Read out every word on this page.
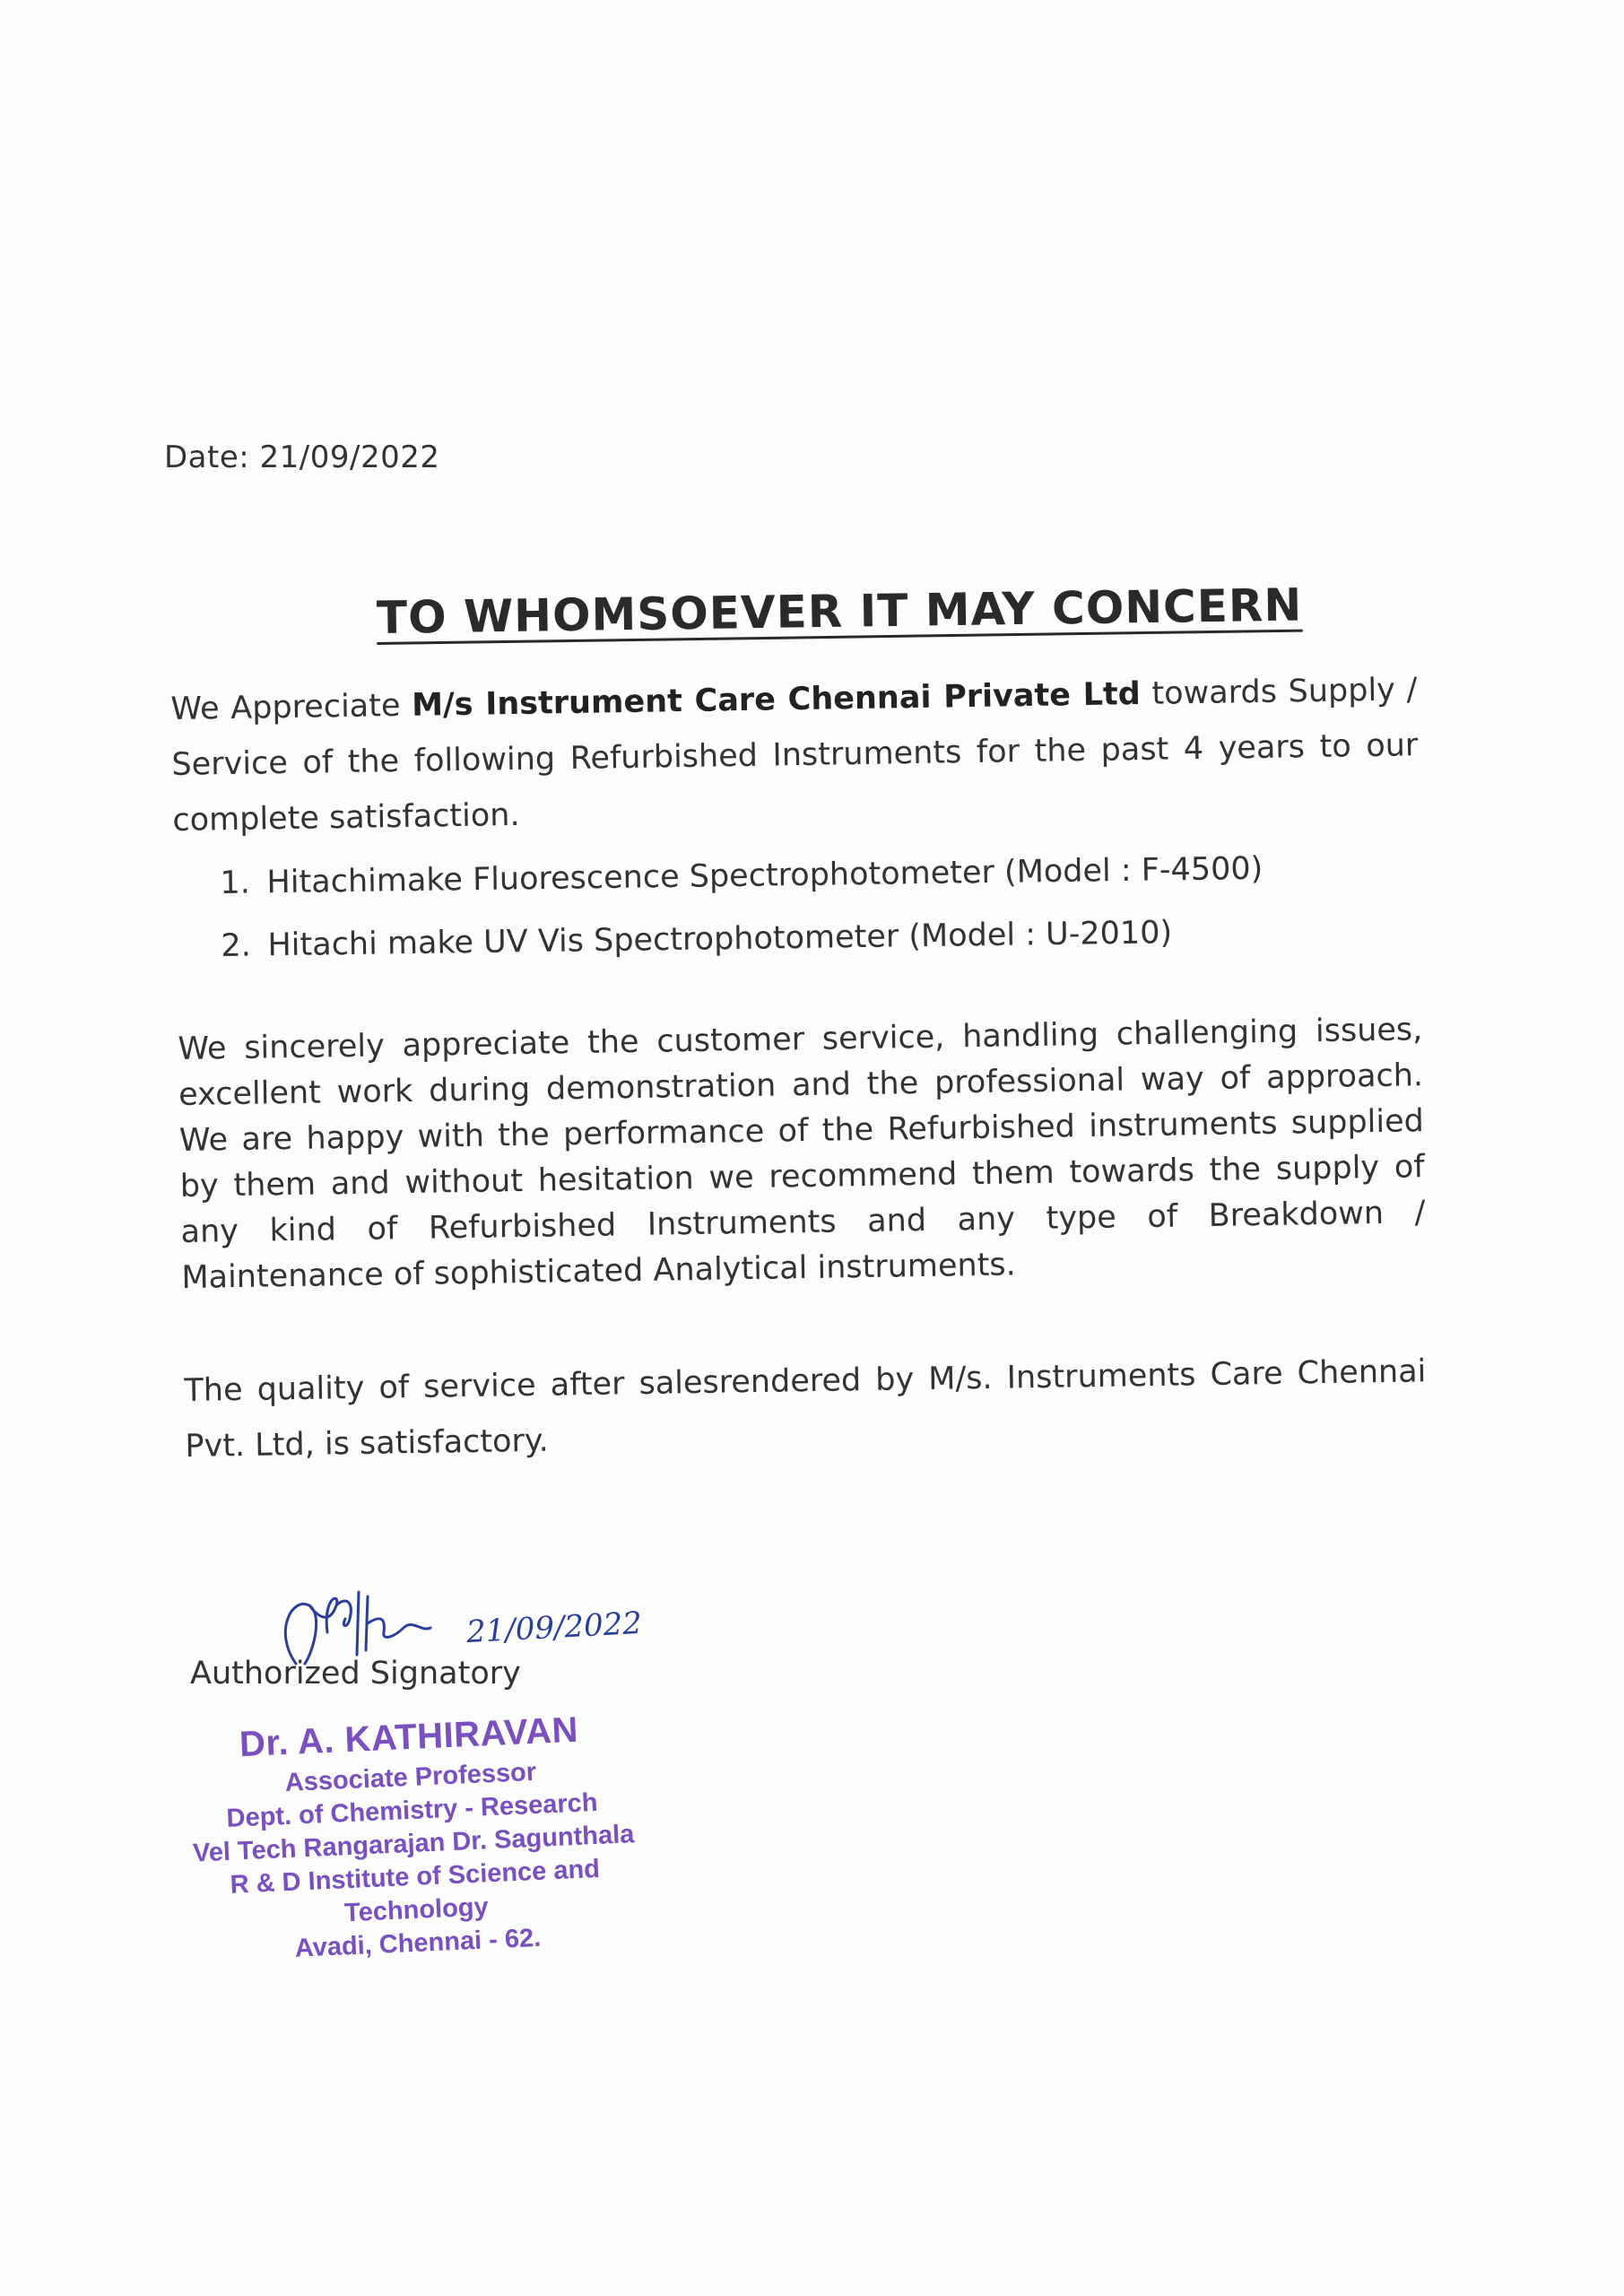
Date: 21/09/2022
TO WHOMSOEVER IT MAY CONCERN
We Appreciate M/s Instrument Care Chennai Private Ltd towards Supply / Service of the following Refurbished Instruments for the past 4 years to our complete satisfaction.
1. Hitachimake Fluorescence Spectrophotometer (Model : F-4500)
2. Hitachi make UV Vis Spectrophotometer (Model : U-2010)
We sincerely appreciate the customer service, handling challenging issues, excellent work during demonstration and the professional way of approach. We are happy with the performance of the Refurbished instruments supplied by them and without hesitation we recommend them towards the supply of any kind of Refurbished Instruments and any type of Breakdown / Maintenance of sophisticated Analytical instruments.
The quality of service after salesrendered by M/s. Instruments Care Chennai Pvt. Ltd, is satisfactory.
21/09/2022
Authorized Signatory
Dr. A. KATHIRAVAN
Associate Professor
Dept. of Chemistry - Research
Vel Tech Rangarajan Dr. Sagunthala
R & D Institute of Science and Technology
Avadi, Chennai - 62.
